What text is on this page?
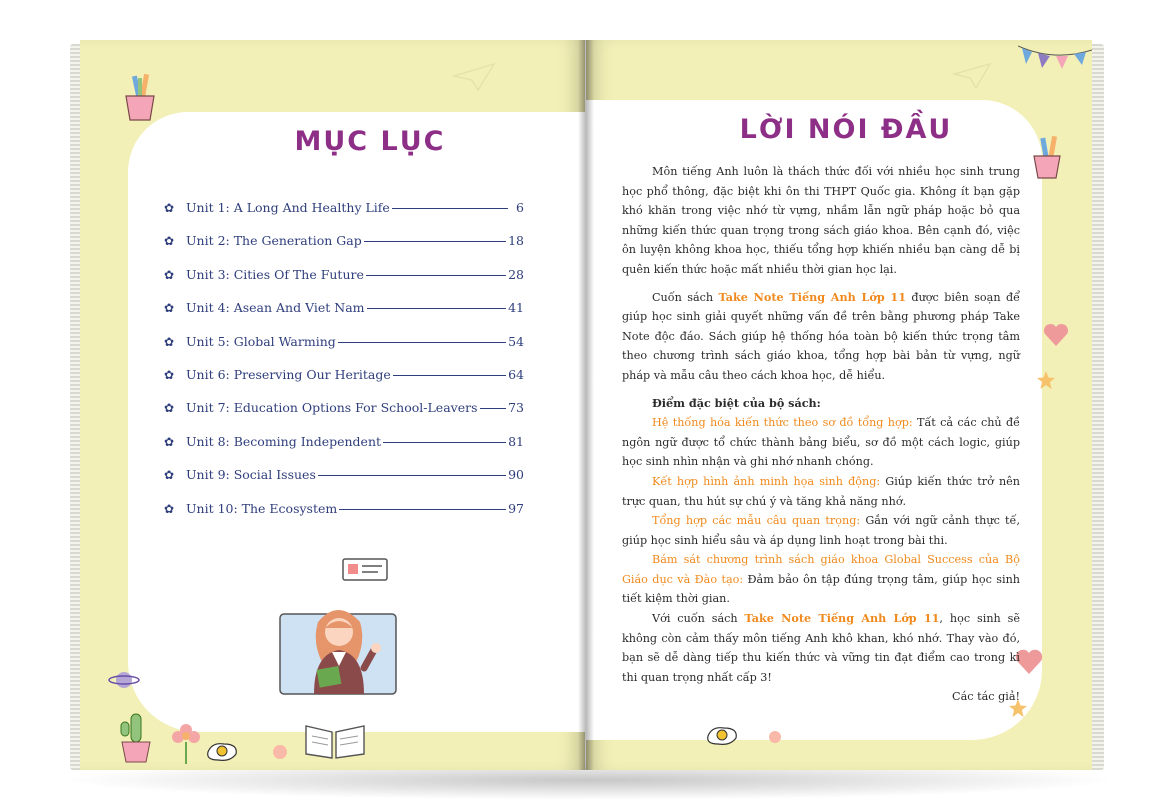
MỤC LỤC
✿ Unit 1: A Long And Healthy Life	6
✿ Unit 2: The Generation Gap	18
✿ Unit 3: Cities Of The Future	28
✿ Unit 4: Asean And Viet Nam	41
✿ Unit 5: Global Warming	54
✿ Unit 6: Preserving Our Heritage	64
✿ Unit 7: Education Options For School-Leavers 73
✿ Unit 8: Becoming Independent	81
✿ Unit 9: Social Issues	90
✿ Unit 10: The Ecosystem	97
LỜI NÓI ĐẦU

Môn tiếng Anh luôn là thách thức đối với nhiều học sinh trung học phổ thông, đặc biệt khi ôn thi THPT Quốc gia. Không ít bạn gặp khó khăn trong việc nhớ từ vựng, nhầm lẫn ngữ pháp hoặc bỏ qua những kiến thức quan trọng trong sách giáo khoa. Bên cạnh đó, việc ôn luyện không khoa học, thiếu tổng hợp khiến nhiều bạn càng dễ bị quên kiến thức hoặc mất nhiều thời gian học lại.

Cuốn sách Take Note Tiếng Anh Lớp 11 được biên soạn để giúp học sinh giải quyết những vấn đề trên bằng phương pháp Take Note độc đáo. Sách giúp hệ thống hóa toàn bộ kiến thức trọng tâm theo chương trình sách giáo khoa, tổng hợp bài bản từ vựng, ngữ pháp và mẫu câu theo cách khoa học, dễ hiểu.

Điểm đặc biệt của bộ sách:

Hệ thống hóa kiến thức theo sơ đồ tổng hợp: Tất cả các chủ đề ngôn ngữ được tổ chức thành bảng biểu, sơ đồ một cách logic, giúp học sinh nhìn nhận và ghi nhớ nhanh chóng.

Kết hợp hình ảnh minh họa sinh động: Giúp kiến thức trở nên trực quan, thu hút sự chú ý và tăng khả năng nhớ.

Tổng hợp các mẫu câu quan trọng: Gắn với ngữ cảnh thực tế, giúp học sinh hiểu sâu và áp dụng linh hoạt trong bài thi.

Bám sát chương trình sách giáo khoa Global Success của Bộ Giáo dục và Đào tạo: Đảm bảo ôn tập đúng trọng tâm, giúp học sinh tiết kiệm thời gian.

Với cuốn sách Take Note Tiếng Anh Lớp 11, học sinh sẽ không còn cảm thấy môn tiếng Anh khô khan, khó nhớ. Thay vào đó, bạn sẽ dễ dàng tiếp thu kiến thức và vững tin đạt điểm cao trong kì thi quan trọng nhất cấp 3!

Các tác giả!
